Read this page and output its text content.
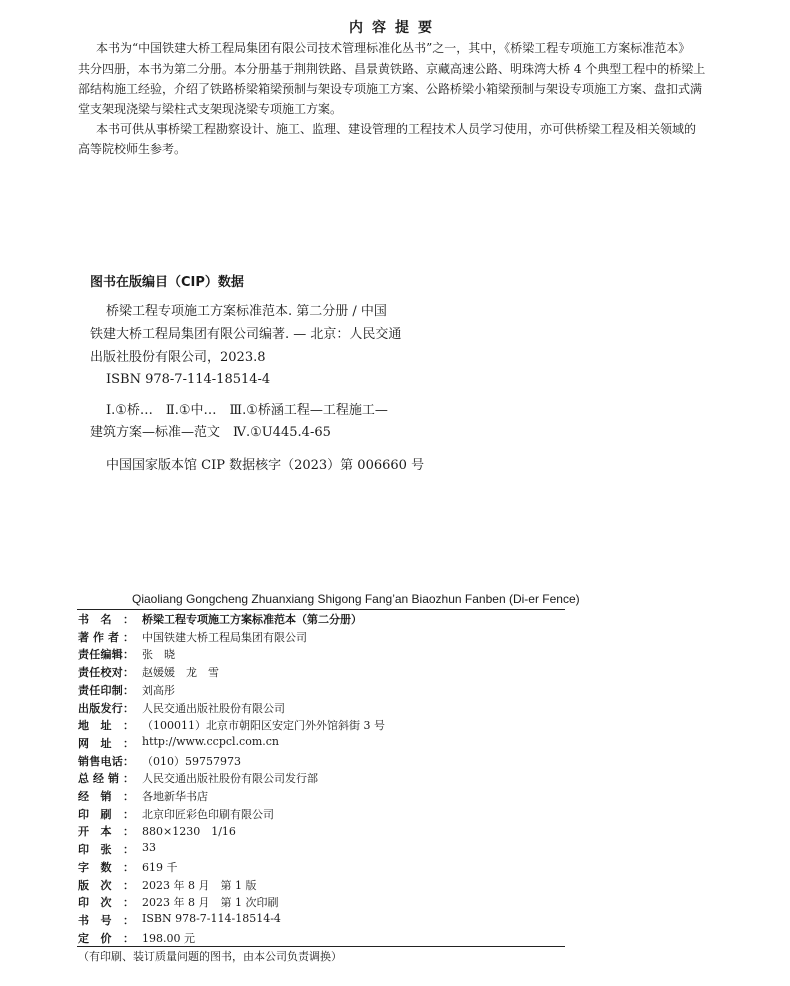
内容提要
本书为“中国铁建大桥工程局集团有限公司技术管理标准化丛书”之一，其中，《桥梁工程专项施工方案标准范本》
共分四册，本书为第二分册。本分册基于荆荆铁路、昌景黄铁路、京藏高速公路、明珠湾大桥 4 个典型工程中的桥梁上
部结构施工经验，介绍了铁路桥梁箱梁预制与架设专项施工方案、公路桥梁小箱梁预制与架设专项施工方案、盘扣式满
堂支架现浇梁与梁柱式支架现浇梁专项施工方案。
本书可供从事桥梁工程勘察设计、施工、监理、建设管理的工程技术人员学习使用，亦可供桥梁工程及相关领域的
高等院校师生参考。
图书在版编目（CIP）数据
桥梁工程专项施工方案标准范本. 第二分册 / 中国
铁建大桥工程局集团有限公司编著. — 北京：人民交通
出版社股份有限公司，2023.8
ISBN 978-7-114-18514-4
Ⅰ.①桥…　Ⅱ.①中…　Ⅲ.①桥涵工程—工程施工—
建筑方案—标准—范文　Ⅳ.①U445.4-65
中国国家版本馆 CIP 数据核字（2023）第 006660 号
Qiaoliang Gongcheng Zhuanxiang Shigong Fang’an Biaozhun Fanben (Di-er Fence)
书 名 ： 桥梁工程专项施工方案标准范本（第二分册）
著 作 者 ： 中国铁建大桥工程局集团有限公司
责 任 编 辑 ： 张　晓
责 任 校 对 ： 赵媛媛　龙　雪
责 任 印 制 ： 刘高彤
出 版 发 行 ： 人民交通出版社股份有限公司
地 址 ： （100011）北京市朝阳区安定门外外馆斜街 3 号
网 址 ： http://www.ccpcl.com.cn
销 售 电 话 ： （010）59757973
总 经 销 ： 人民交通出版社股份有限公司发行部
经 销 ： 各地新华书店
印 刷 ： 北京印匠彩色印刷有限公司
开 本 ： 880×1230　1/16
印 张 ： 33
字 数 ： 619 千
版 次 ： 2023 年 8 月　第 1 版
印 次 ： 2023 年 8 月　第 1 次印刷
书 号 ： ISBN 978-7-114-18514-4
定 价 ： 198.00 元
（有印刷、装订质量问题的图书，由本公司负责调换）
